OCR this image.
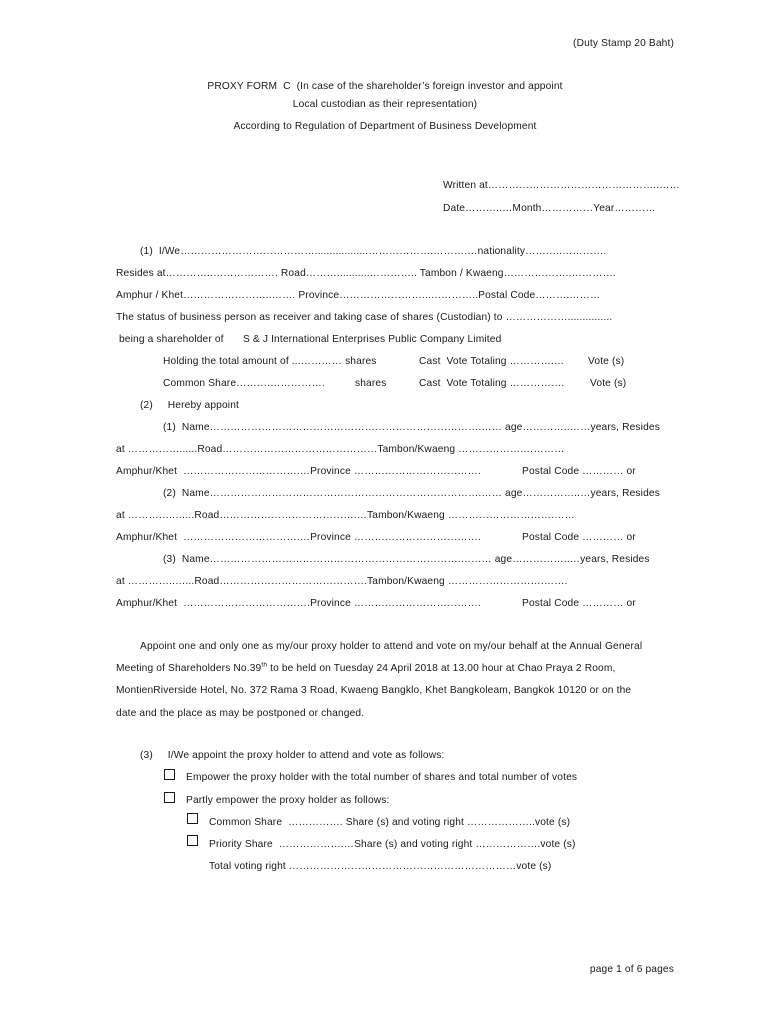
(Duty Stamp 20 Baht)
PROXY FORM  C  (In case of the shareholder’s foreign investor and appoint
Local custodian as their representation)
According to Regulation of Department of Business Development
Written at…………………………………………..……
Date………..…Month……………Year…………
(1)  I/We…………………………………..................……………….……….…nationality………..………….
Resides at…………..………………. Road………...........………….. Tambon / Kwaeng………………..………….
Amphur / Khet……………………..……. Province……………………...…………..Postal Code……….………
The status of business person as receiver and taking case of shares (Custodian) to ………………...............
being a shareholder of S & J International Enterprises Public Company Limited
Holding the total amount of ...………… shares	Cast  Vote Totaling ………….… Vote (s)
Common Share……….…………….	shares	Cast  Vote Totaling …………….	Vote (s)
(2)     Hereby appoint
(1)  Name…………………………………………………………………….…… age…………..……years, Resides
at ……………......Road………………………………………Tambon/Kwaeng ……………….…………
Amphur/Khet  …………………………….…Province ……………………………….	Postal Code ………… or
(2)  Name…………………………………………………………………….…… age……………..…years, Resides
at …………..…...Road………………………………….…Tambon/Kwaeng ………………………….……
Amphur/Khet  …………………………….…Province ……………………………….	Postal Code ………… or
(3)  Name……………………………………………………………….……… age……………..…years, Resides
at …………..…...Road…………………………………….Tambon/Kwaeng ……………………….…….
Amphur/Khet  ……………………………….Province ……………………………….	Postal Code ………… or
Appoint one and only one as my/our proxy holder to attend and vote on my/our behalf at the Annual General
Meeting of Shareholders No.39th to be held on Tuesday 24 April 2018 at 13.00 hour at Chao Praya 2 Room,
MontienRiverside Hotel, No. 372 Rama 3 Road, Kwaeng Bangklo, Khet Bangkoleam, Bangkok 10120 or on the
date and the place as may be postponed or changed.
(3)     I/We appoint the proxy holder to attend and vote as follows:
Empower the proxy holder with the total number of shares and total number of votes
Partly empower the proxy holder as follows:
Common Share  ……………. Share (s) and voting right ………………..vote (s)
Priority Share  ……………….…Share (s) and voting right ……………….vote (s)
Total voting right …………………………………………………………vote (s)
page 1 of 6 pages
